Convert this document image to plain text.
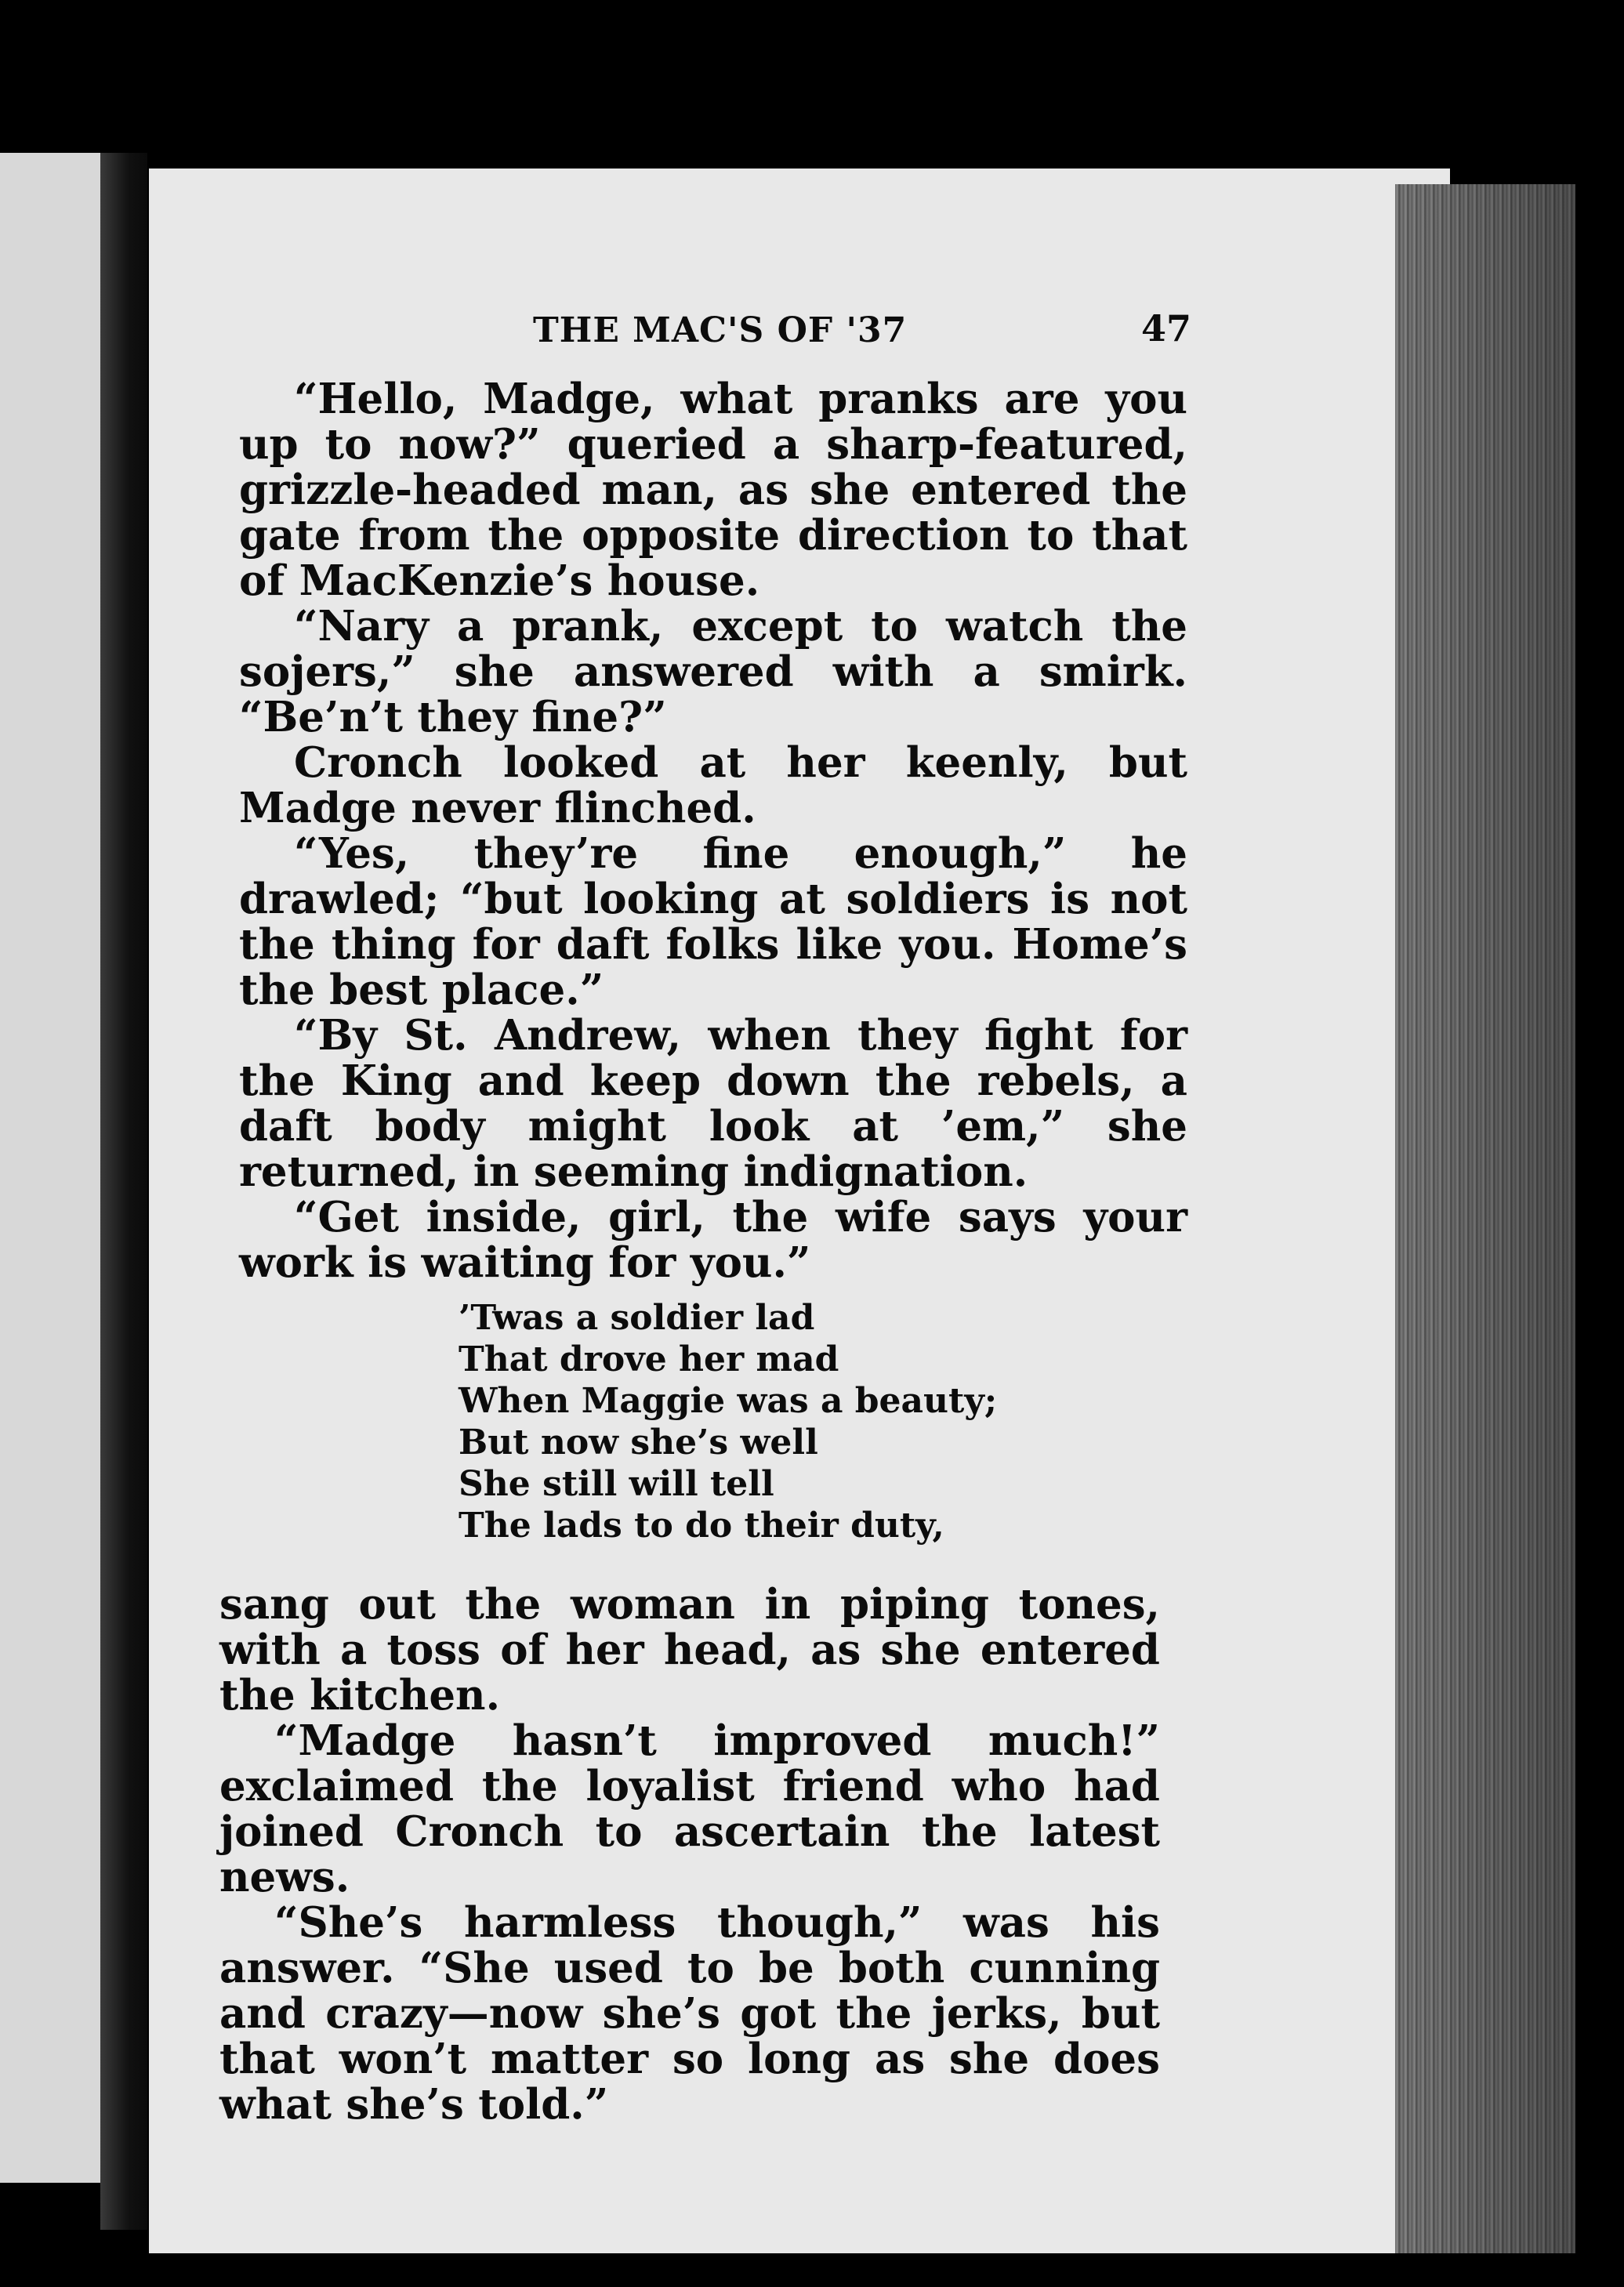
THE MAC'S OF '37	47

“Hello, Madge, what pranks are you up to now?” queried a sharp-featured, grizzle-headed man, as she entered the gate from the opposite direction to that of MacKenzie’s house.

“Nary a prank, except to watch the sojers,” she answered with a smirk. “Be’n’t they fine?”

Cronch looked at her keenly, but Madge never flinched.

“Yes, they’re fine enough,” he drawled; “but looking at soldiers is not the thing for daft folks like you. Home’s the best place.”

“By St. Andrew, when they fight for the King and keep down the rebels, a daft body might look at ’em,” she returned, in seeming indignation.

“Get inside, girl, the wife says your work is waiting for you.”

’Twas a soldier lad
That drove her mad
When Maggie was a beauty;
But now she’s well
She still will tell
The lads to do their duty,

sang out the woman in piping tones, with a toss of her head, as she entered the kitchen.

“Madge hasn’t improved much!” exclaimed the loyalist friend who had joined Cronch to ascertain the latest news.

“She’s harmless though,” was his answer. “She used to be both cunning and crazy—now she’s got the jerks, but that won’t matter so long as she does what she’s told.”
